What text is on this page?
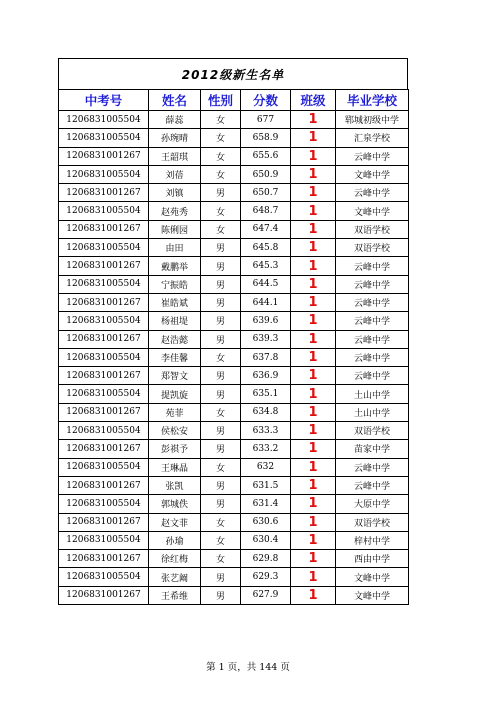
2012级新生名单
中考号	姓名	性别	分数	班级	毕业学校
1206831005504	薛蕊	女	677	1	郓城初级中学
1206831005504	孙琬晴	女	658.9	1	汇泉学校
1206831001267	王韶琪	女	655.6	1	云峰中学
1206831005504	刘蓓	女	650.9	1	文峰中学
1206831001267	刘镇	男	650.7	1	云峰中学
1206831005504	赵苑秀	女	648.7	1	文峰中学
1206831001267	陈俐园	女	647.4	1	双语学校
1206831005504	由田	男	645.8	1	双语学校
1206831001267	戴鹏举	男	645.3	1	云峰中学
1206831005504	宁振皓	男	644.5	1	云峰中学
1206831001267	崔皓斌	男	644.1	1	云峰中学
1206831005504	杨祖堤	男	639.6	1	云峰中学
1206831001267	赵浩懿	男	639.3	1	云峰中学
1206831005504	李佳馨	女	637.8	1	云峰中学
1206831001267	郑智文	男	636.9	1	云峰中学
1206831005504	提凯旋	男	635.1	1	土山中学
1206831001267	苑菲	女	634.8	1	土山中学
1206831005504	侯松安	男	633.3	1	双语学校
1206831001267	彭祺予	男	633.2	1	苗家中学
1206831005504	王琳晶	女	632	1	云峰中学
1206831001267	张凯	男	631.5	1	云峰中学
1206831005504	郭城佚	男	631.4	1	大原中学
1206831001267	赵文菲	女	630.6	1	双语学校
1206831005504	孙瑜	女	630.4	1	梓村中学
1206831001267	徐红梅	女	629.8	1	西由中学
1206831005504	张艺阚	男	629.3	1	文峰中学
1206831001267	王希维	男	627.9	1	文峰中学
第 1 页，共 144 页
